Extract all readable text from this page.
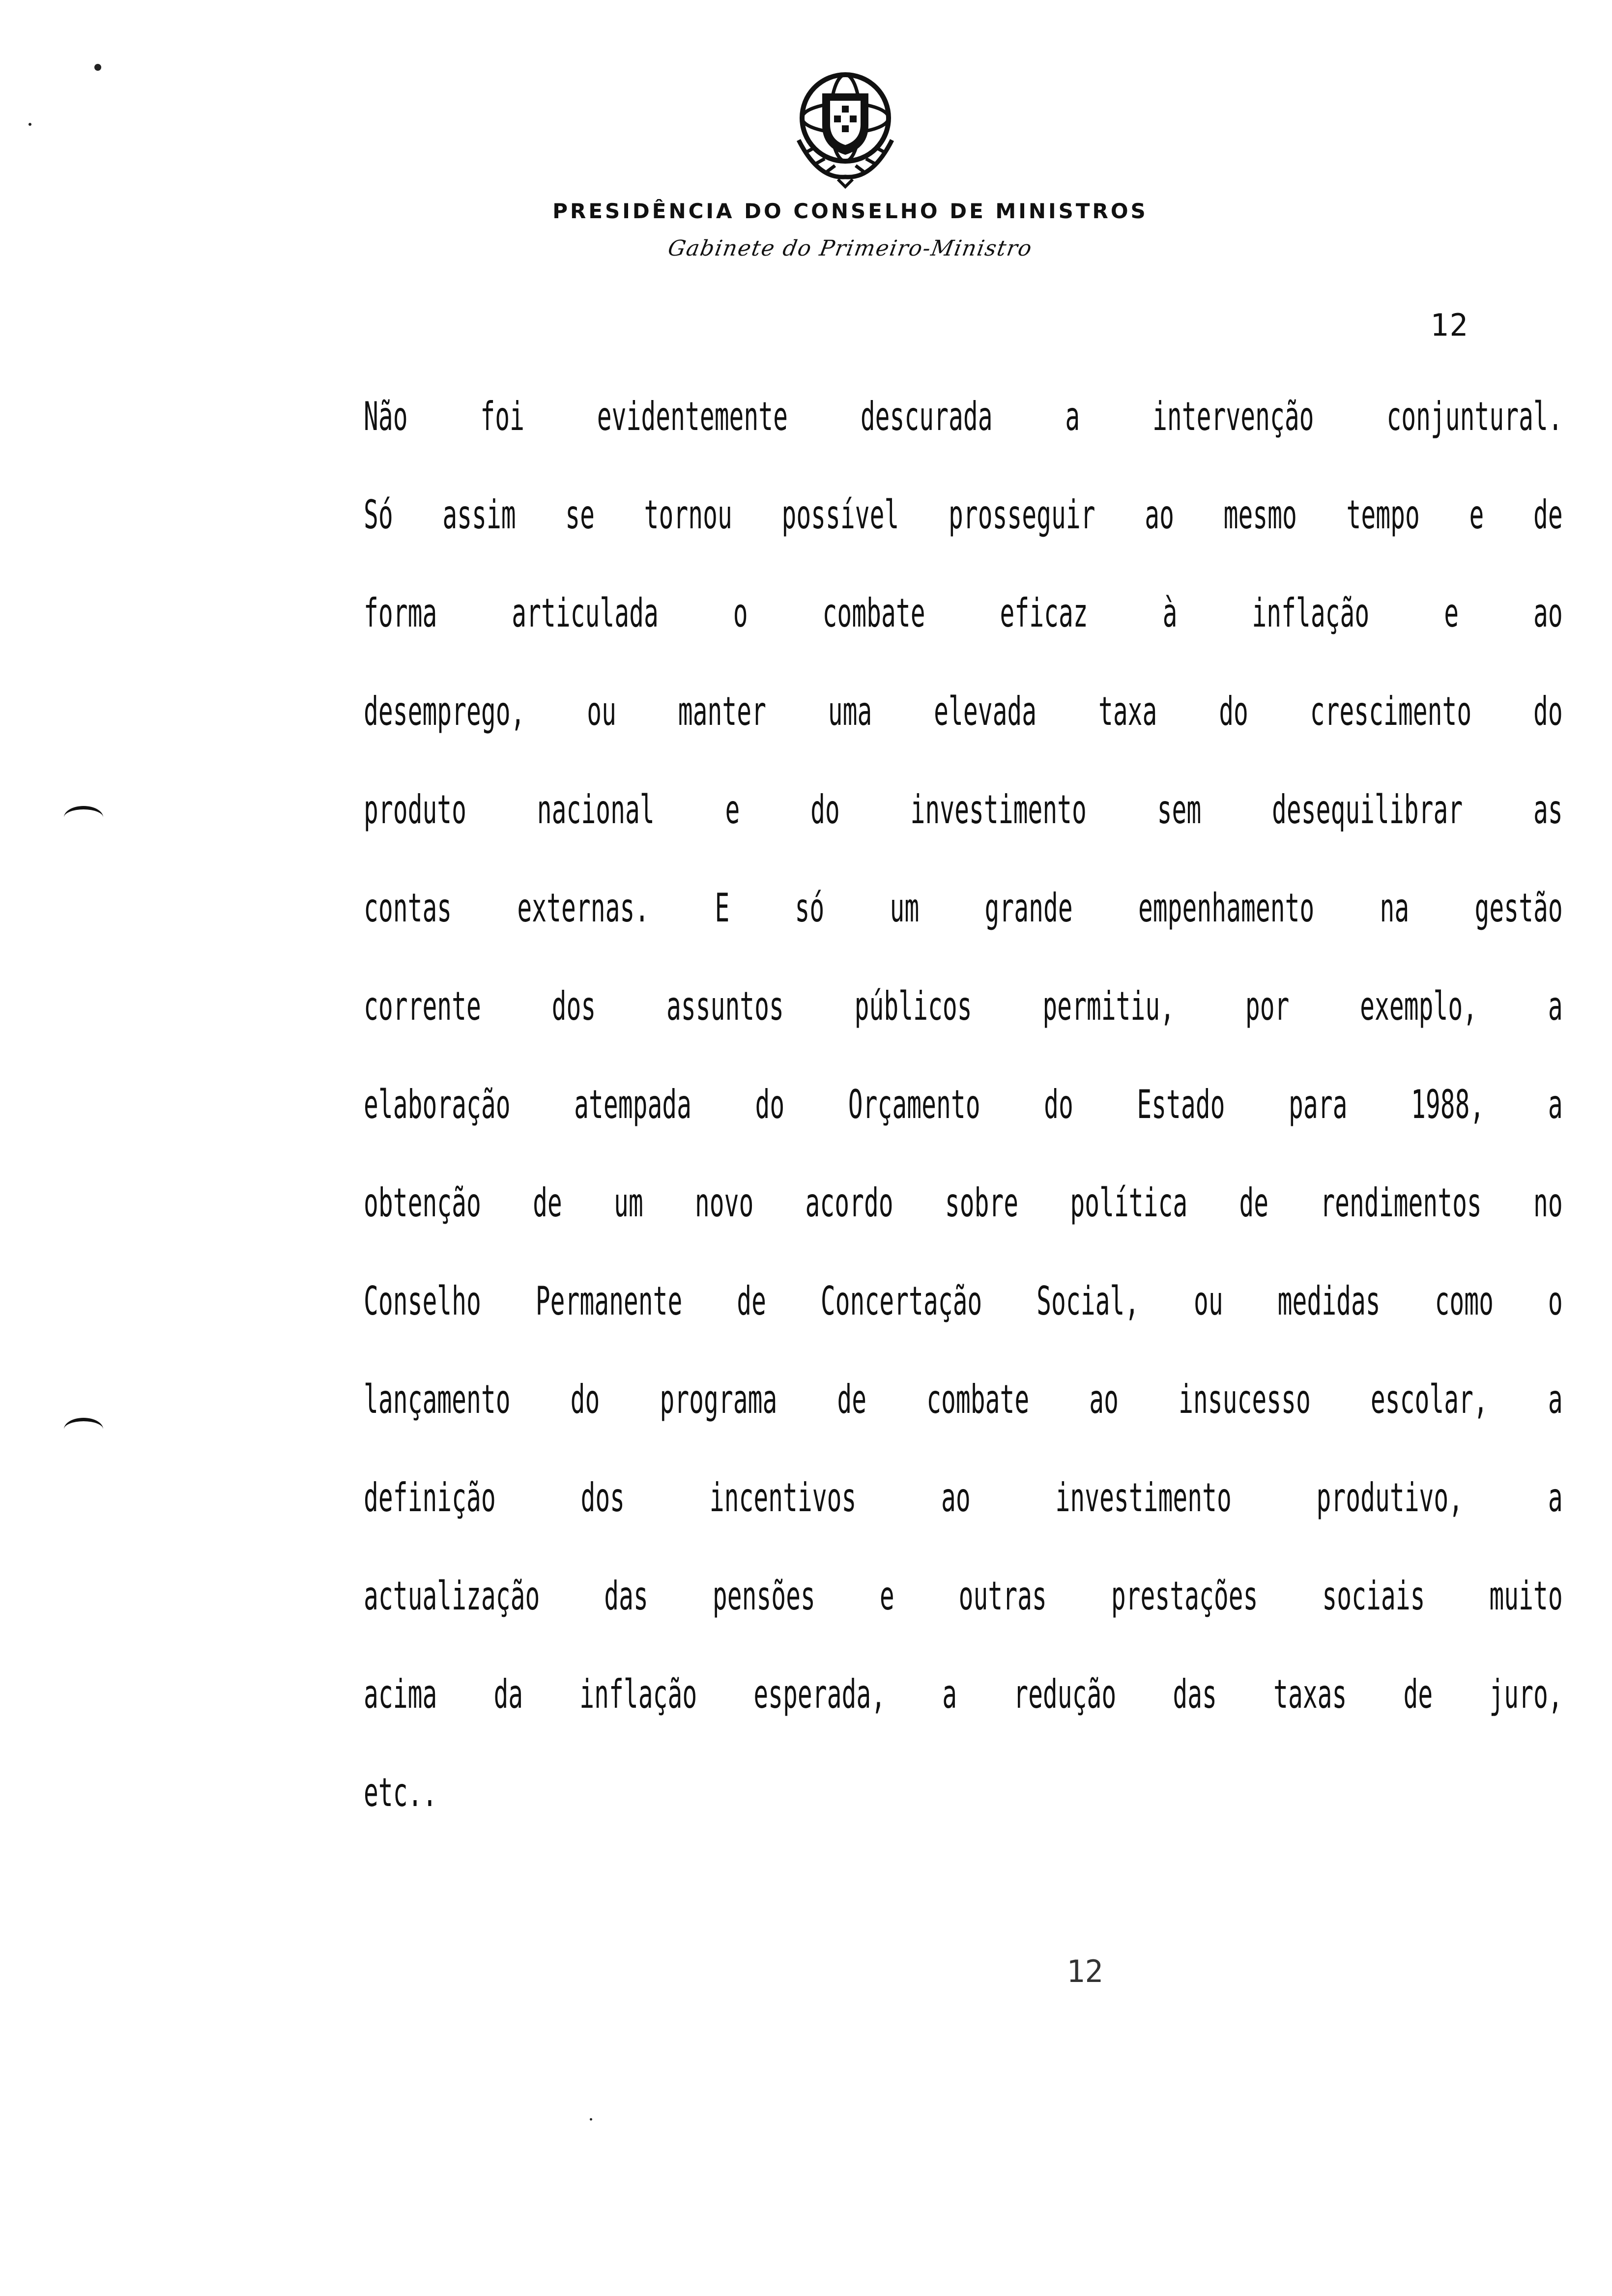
PRESIDÊNCIA DO CONSELHO DE MINISTROS
Gabinete do Primeiro-Ministro
12
Não foi evidentemente descurada a intervenção conjuntural.
Só assim se tornou possível prosseguir ao mesmo tempo e de
forma articulada o combate eficaz à inflação e ao
desemprego, ou manter uma elevada taxa do crescimento do
produto nacional e do investimento sem desequilibrar as
contas externas. E só um grande empenhamento na gestão
corrente dos assuntos públicos permitiu, por exemplo, a
elaboração atempada do Orçamento do Estado para 1988, a
obtenção de um novo acordo sobre política de rendimentos no
Conselho Permanente de Concertação Social, ou medidas como o
lançamento do programa de combate ao insucesso escolar, a
definição dos incentivos ao investimento produtivo, a
actualização das pensões e outras prestações sociais muito
acima da inflação esperada, a redução das taxas de juro,
etc..
12
